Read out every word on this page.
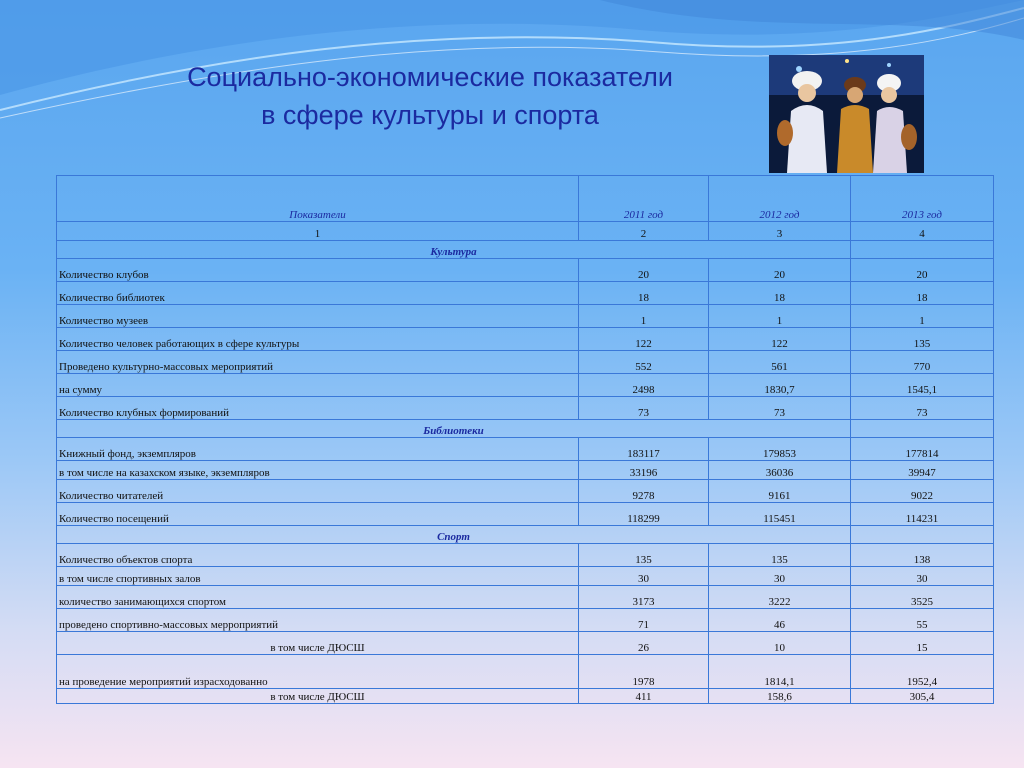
Социально-экономические показатели
в сфере культуры и спорта
Показатели	2011 год	2012 год	2013 год
1	2	3	4
Культура			
Количество клубов	20	20	20
Количество библиотек	18	18	18
Количество музеев	1	1	1
Количество человек работающих в сфере культуры	122	122	135
Проведено культурно-массовых мероприятий	552	561	770
на сумму	2498	1830,7	1545,1
Количество клубных формирований	73	73	73
Библиотеки			
Книжный фонд, экземпляров	183117	179853	177814
в том числе на казахском языке, экземпляров	33196	36036	39947
Количество читателей	9278	9161	9022
Количество посещений	118299	115451	114231
Спорт			
Количество объектов спорта	135	135	138
в том числе спортивных залов	30	30	30
количество занимающихся спортом	3173	3222	3525
проведено спортивно-массовых мерроприятий	71	46	55
в том числе ДЮСШ	26	10	15
на проведение мероприятий израсходованно	1978	1814,1	1952,4
в том числе ДЮСШ	411	158,6	305,4
